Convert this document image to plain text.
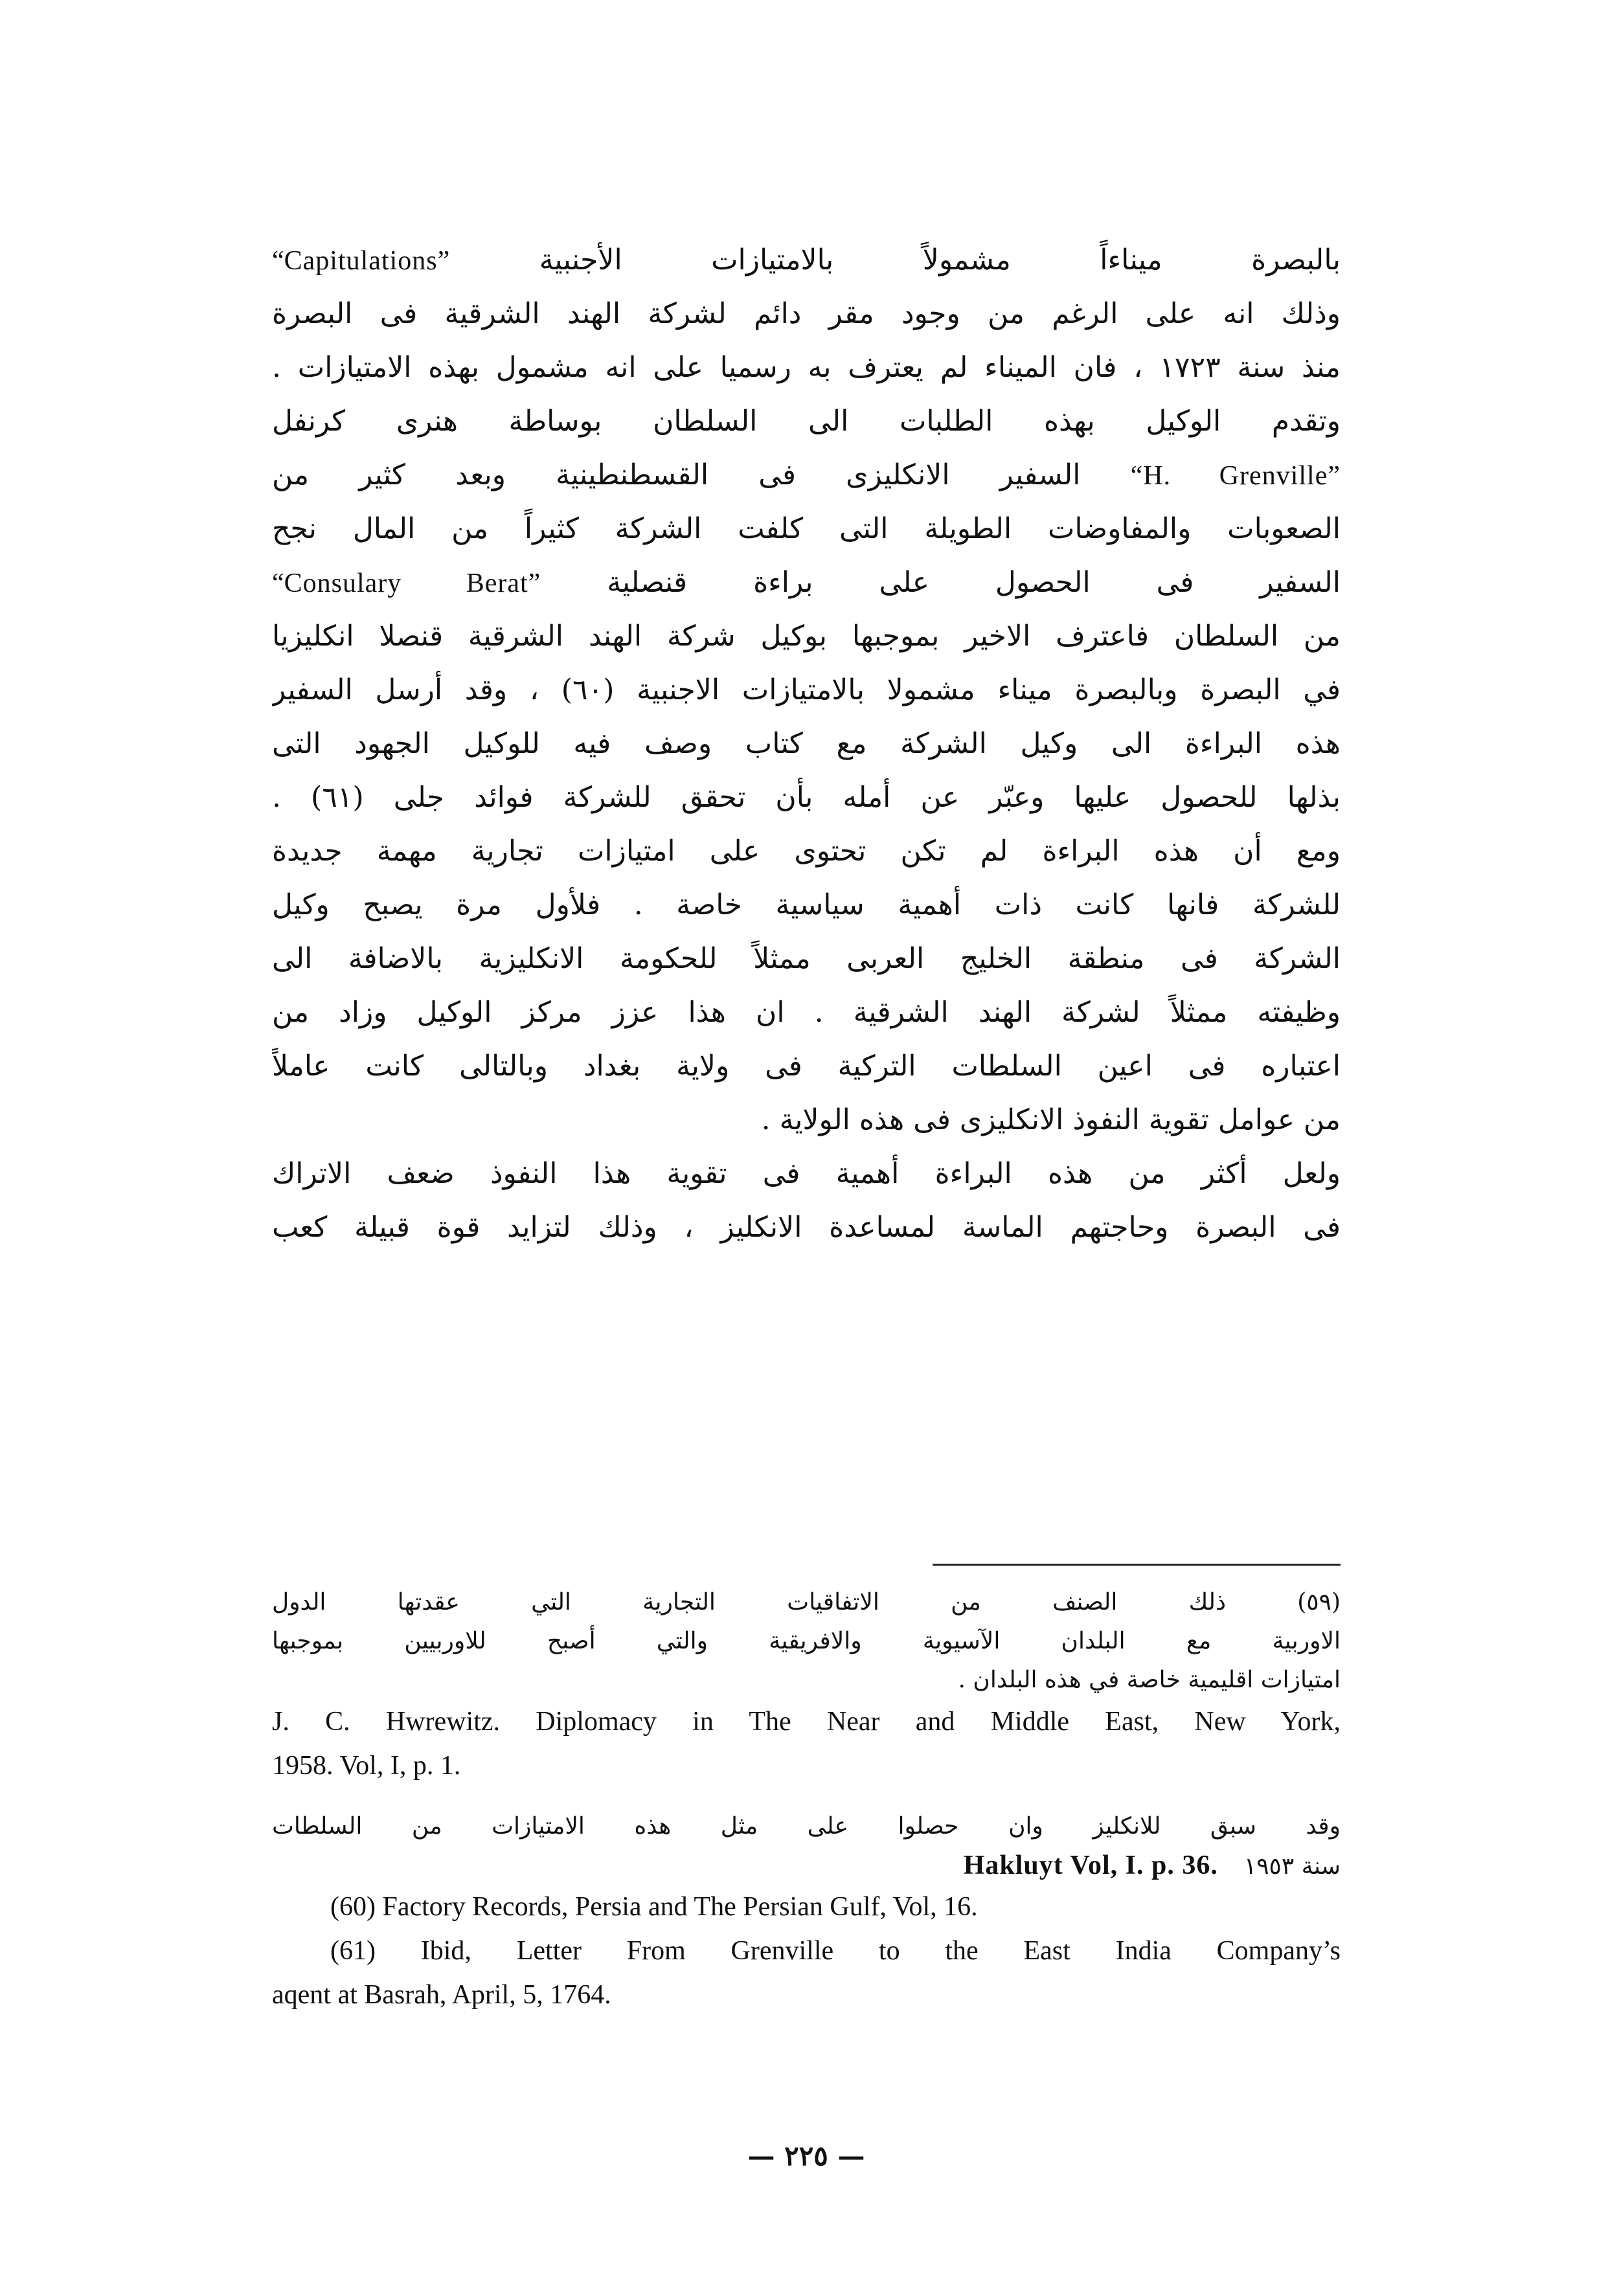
بالبصرة ميناءاً مشمولاً بالامتيازات الأجنبية “Capitulations”
وذلك انه على الرغم من وجود مقر دائم لشركة الهند الشرقية فى البصرة
منذ سنة ١٧٢٣ ، فان الميناء لم يعترف به رسميا على انه مشمول بهذه الامتيازات .
وتقدم الوكيل بهذه الطلبات الى السلطان بوساطة هنرى كرنفل
“H. Grenville” السفير الانكليزى فى القسطنطينية وبعد كثير من
الصعوبات والمفاوضات الطويلة التى كلفت الشركة كثيراً من المال نجح
السفير فى الحصول على براءة قنصلية “Consulary Berat”
من السلطان فاعترف الاخير بموجبها بوكيل شركة الهند الشرقية قنصلا انكليزيا
في البصرة وبالبصرة ميناء مشمولا بالامتيازات الاجنبية (٦٠) ، وقد أرسل السفير
هذه البراءة الى وكيل الشركة مع كتاب وصف فيه للوكيل الجهود التى
بذلها للحصول عليها وعبّر عن أمله بأن تحقق للشركة فوائد جلى (٦١) .
ومع أن هذه البراءة لم تكن تحتوى على امتيازات تجارية مهمة جديدة
للشركة فانها كانت ذات أهمية سياسية خاصة . فلأول مرة يصبح وكيل
الشركة فى منطقة الخليج العربى ممثلاً للحكومة الانكليزية بالاضافة الى
وظيفته ممثلاً لشركة الهند الشرقية . ان هذا عزز مركز الوكيل وزاد من
اعتباره فى اعين السلطات التركية فى ولاية بغداد وبالتالى كانت عاملاً
من عوامل تقوية النفوذ الانكليزى فى هذه الولاية .
ولعل أكثر من هذه البراءة أهمية فى تقوية هذا النفوذ ضعف الاتراك
فى البصرة وحاجتهم الماسة لمساعدة الانكليز ، وذلك لتزايد قوة قبيلة كعب
(٥٩) ذلك الصنف من الاتفاقيات التجارية التي عقدتها الدول
الاوربية مع البلدان الآسيوية والافريقية والتي أصبح للاوربيين بموجبها
امتيازات اقليمية خاصة في هذه البلدان .
J. C. Hwrewitz. Diplomacy in The Near and Middle East, New York,
1958. Vol, I, p. 1.
وقد سبق للانكليز وان حصلوا على مثل هذه الامتيازات من السلطات
سنة ١٩٥٣Hakluyt Vol, I. p. 36.
(60) Factory Records, Persia and The Persian Gulf, Vol, 16.
(61) Ibid, Letter From Grenville to the East India Company’s
aqent at Basrah, April, 5, 1764.
— ٢٢٥ —
